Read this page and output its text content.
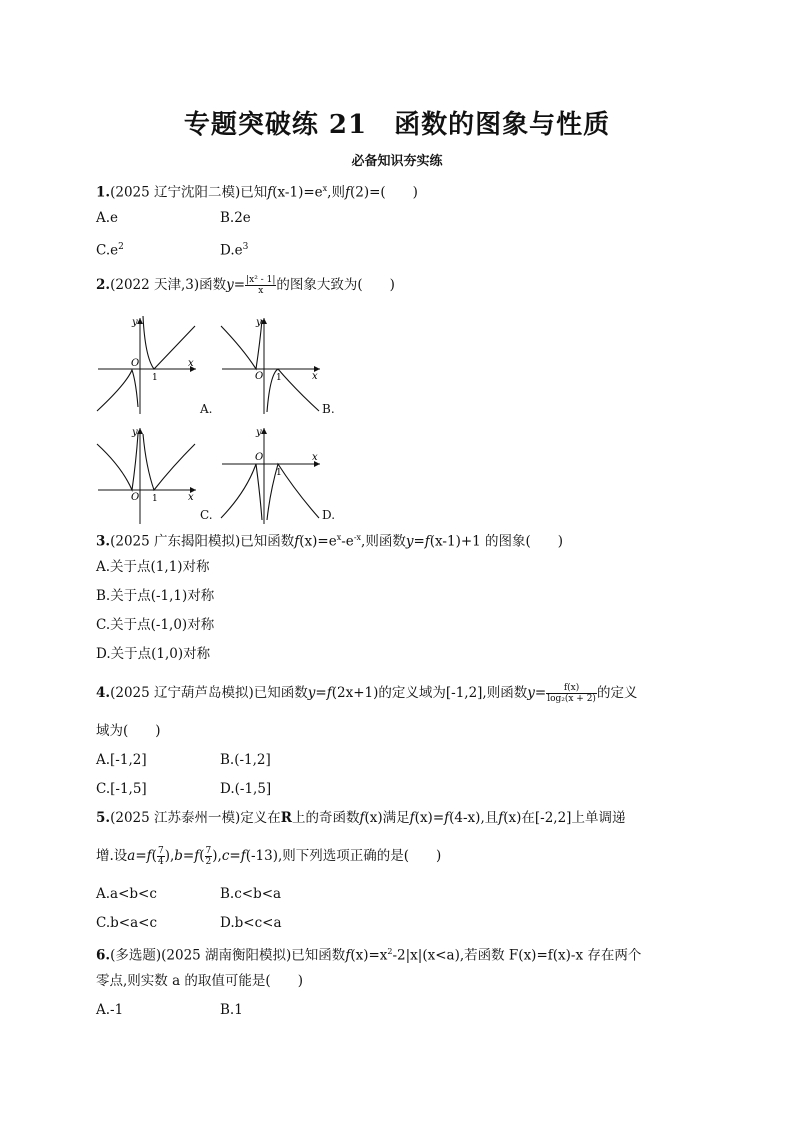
专题突破练 21　函数的图象与性质
必备知识夯实练
1.(2025 辽宁沈阳二模)已知$f(x-1)=e^x$,则f(2)=(　　)
A.e	B.2e
$C.e^2$	$D.e^3$
2.(2022 天津,3)函数$y= \frac{\text{|x² - 1|}}{x}$ 的图象大致为(　　)
y
O
1
x
A.
y
O 1	x
B.
y
O 1	x
C.
y
O
1
x
D.
3.(2025 广东揭阳模拟)已知函数$f(x)=e^x-e^{-x}$,则函数y=f(x-1)+1 的图象(　　)
A.关于点(1,1)对称
B.关于点(-1,1)对称
C.关于点(-1,0)对称
D.关于点(1,0)对称
4.(2025 辽宁葫芦岛模拟)已知函数y=f(2x+1)的定义域为[-1,2],则函数$y= \frac{f(x)}{\text{log₂(x + 2)}}$ 的定义
域为(　　)
A.[-1,2]	B.(-1,2]
C.[-1,5]	D.(-1,5]
5.(2025 江苏泰州一模)定义在R上的奇函数f(x)满足f(x)=f(4-x),且f(x)在[-2,2]上单调递
增.设$a=f( \frac{7}{4} ),b=f( \frac{7}{2} ),c=f(-13)$,则下列选项正确的是(　　)
A.a<b<c	B.c<b<a
C.b<a<c	D.b<c<a
6.(多选题)(2025 湖南衡阳模拟)已知函数$f(x)=x^2-2|x|(x<a)$,若函数 F(x)=f(x)-x 存在两个
零点,则实数 a 的取值可能是(　　)
A.-1	B.1
